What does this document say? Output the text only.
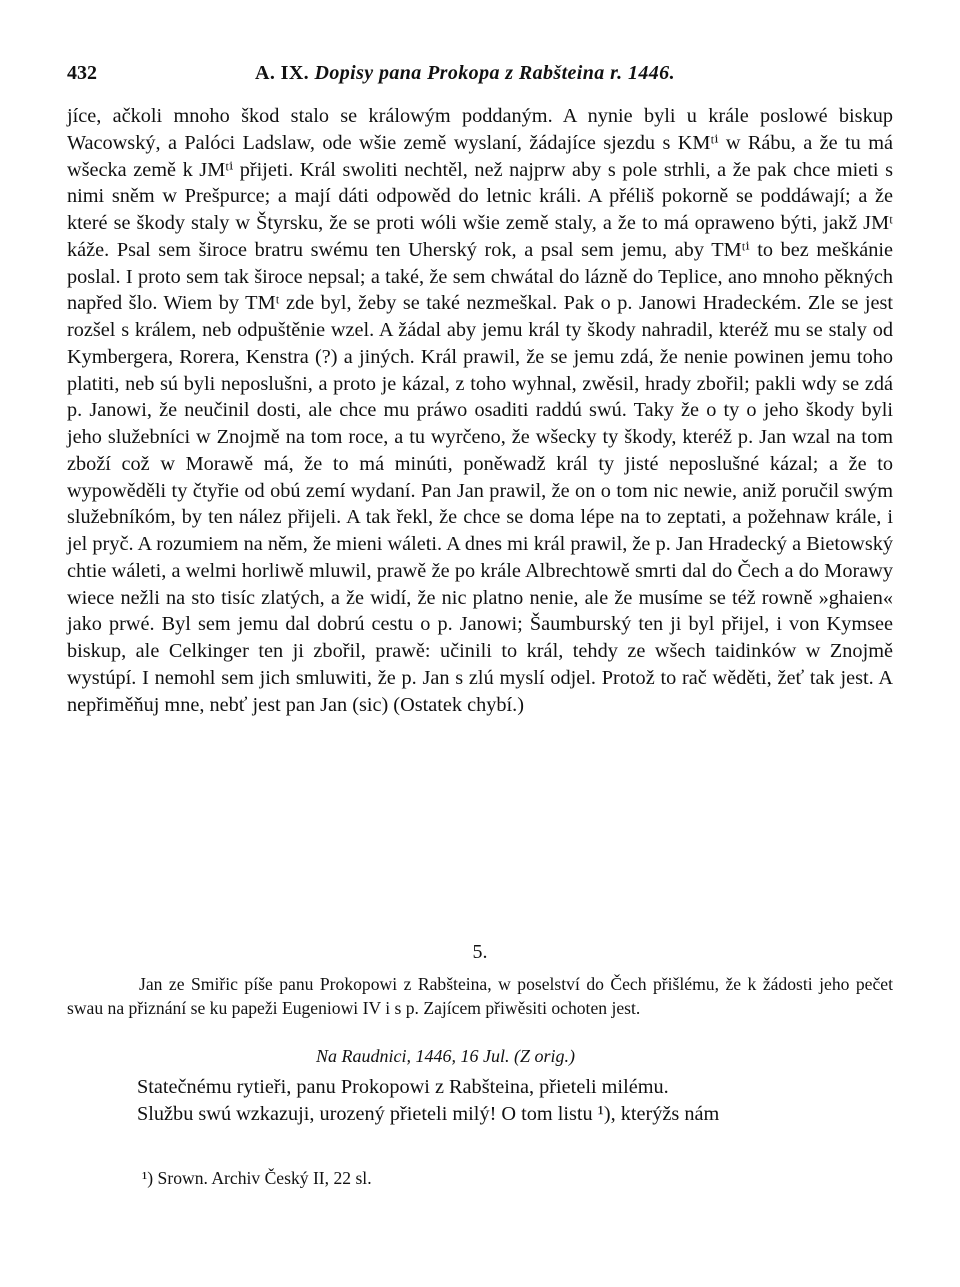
432	A. IX. Dopisy pana Prokopa z Rabšteina r. 1446.

jíce, ačkoli mnoho škod stalo se králowým poddaným. A nynie byli u krále poslowé biskup Wacowský, a Palóci Ladslaw, ode wšie země wyslaní, žádajíce sjezdu s KMᵗⁱ w Rábu, a že tu má wšecka země k JMᵗⁱ přijeti. Král swoliti nechtěl, než najprw aby s pole strhli, a že pak chce mieti s nimi sněm w Prešpurce; a mají dáti odpowěd do letnic králi. A přéliš pokorně se poddáwají; a že které se škody staly w Štyrsku, že se proti wóli wšie země staly, a že to má opraweno býti, jakž JMᵗ káže. Psal sem široce bratru swému ten Uherský rok, a psal sem jemu, aby TMᵗⁱ to bez meškánie poslal. I proto sem tak široce nepsal; a také, že sem chwátal do lázně do Teplice, ano mnoho pěkných napřed šlo. Wiem by TMᵗ zde byl, žeby se také nezmeškal. Pak o p. Janowi Hradeckém. Zle se jest rozšel s králem, neb odpuštěnie wzel. A žádal aby jemu král ty škody nahradil, kteréž mu se staly od Kymbergera, Rorera, Kenstra (?) a jiných. Král prawil, že se jemu zdá, že nenie powinen jemu toho platiti, neb sú byli neposlušni, a proto je kázal, z toho wyhnal, zwěsil, hrady zbořil; pakli wdy se zdá p. Janowi, že neučinil dosti, ale chce mu práwo osaditi raddú swú. Taky že o ty o jeho škody byli jeho služebníci w Znojmě na tom roce, a tu wyrčeno, že wšecky ty škody, kteréž p. Jan wzal na tom zboží což w Morawě má, že to má minúti, poněwadž král ty jisté neposlušné kázal; a že to wypowěděli ty čtyřie od obú zemí wydaní. Pan Jan prawil, že on o tom nic newie, aniž poručil swým služebníkóm, by ten nález přijeli. A tak řekl, že chce se doma lépe na to zeptati, a požehnaw krále, i jel pryč. A rozumiem na něm, že mieni wáleti. A dnes mi král prawil, že p. Jan Hradecký a Bietowský chtie wáleti, a welmi horliwě mluwil, prawě že po krále Albrechtowě smrti dal do Čech a do Morawy wiece nežli na sto tisíc zlatých, a že widí, že nic platno nenie, ale že musíme se též rowně »ghaien« jako prwé. Byl sem jemu dal dobrú cestu o p. Janowi; Šaumburský ten ji byl přijel, i von Kymsee biskup, ale Celkinger ten ji zbořil, prawě: učinili to král, tehdy ze wšech taidinków w Znojmě wystúpí. I nemohl sem jich smluwiti, že p. Jan s zlú myslí odjel. Protož to rač wěděti, žeť tak jest. A nepřiměňuj mne, nebť jest pan Jan (sic) (Ostatek chybí.)

5.

Jan ze Smiřic píše panu Prokopowi z Rabšteina, w poselství do Čech přišlému, že k žádosti jeho pečet swau na přiznání se ku papeži Eugeniowi IV i s p. Zajícem přiwěsiti ochoten jest.

Na Raudnici, 1446, 16 Jul. (Z orig.)

Statečnému rytieři, panu Prokopowi z Rabšteina, přieteli milému.

Službu swú wzkazuji, urozený přieteli milý! O tom listu ¹), kterýžs nám

¹) Srown. Archiv Český II, 22 sl.
